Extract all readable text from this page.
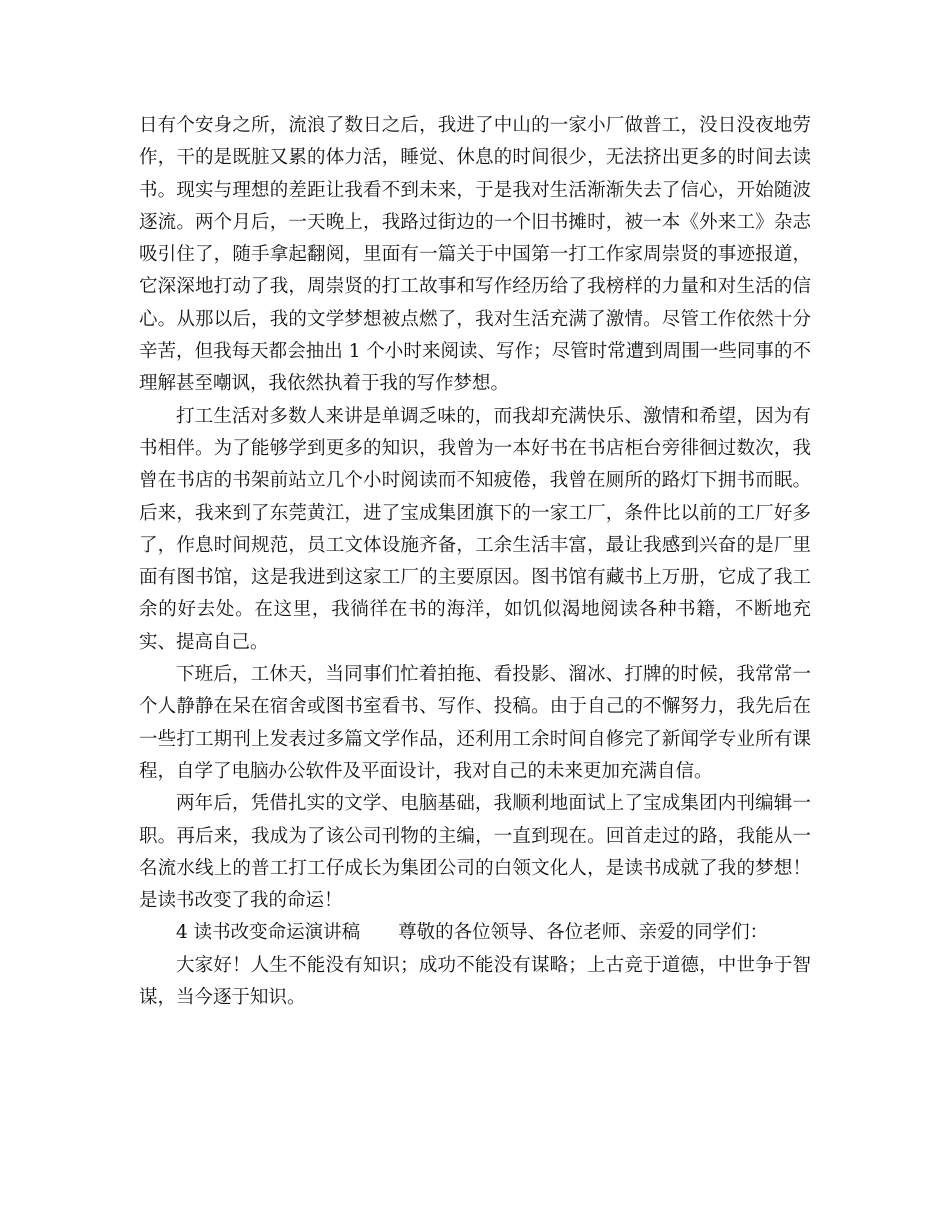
日有个安身之所，流浪了数日之后，我进了中山的一家小厂做普工，没日没夜地劳作，干的是既脏又累的体力活，睡觉、休息的时间很少，无法挤出更多的时间去读书。现实与理想的差距让我看不到未来，于是我对生活渐渐失去了信心，开始随波逐流。两个月后，一天晚上，我路过街边的一个旧书摊时，被一本《外来工》杂志吸引住了，随手拿起翻阅，里面有一篇关于中国第一打工作家周崇贤的事迹报道，它深深地打动了我，周崇贤的打工故事和写作经历给了我榜样的力量和对生活的信心。从那以后，我的文学梦想被点燃了，我对生活充满了激情。尽管工作依然十分辛苦，但我每天都会抽出 1 个小时来阅读、写作；尽管时常遭到周围一些同事的不理解甚至嘲讽，我依然执着于我的写作梦想。

打工生活对多数人来讲是单调乏味的，而我却充满快乐、激情和希望，因为有书相伴。为了能够学到更多的知识，我曾为一本好书在书店柜台旁徘徊过数次，我曾在书店的书架前站立几个小时阅读而不知疲倦，我曾在厕所的路灯下拥书而眠。后来，我来到了东莞黄江，进了宝成集团旗下的一家工厂，条件比以前的工厂好多了，作息时间规范，员工文体设施齐备，工余生活丰富，最让我感到兴奋的是厂里面有图书馆，这是我进到这家工厂的主要原因。图书馆有藏书上万册，它成了我工余的好去处。在这里，我徜徉在书的海洋，如饥似渴地阅读各种书籍，不断地充实、提高自己。

下班后，工休天，当同事们忙着拍拖、看投影、溜冰、打牌的时候，我常常一个人静静在呆在宿舍或图书室看书、写作、投稿。由于自己的不懈努力，我先后在一些打工期刊上发表过多篇文学作品，还利用工余时间自修完了新闻学专业所有课程，自学了电脑办公软件及平面设计，我对自己的未来更加充满自信。

两年后，凭借扎实的文学、电脑基础，我顺利地面试上了宝成集团内刊编辑一职。再后来，我成为了该公司刊物的主编，一直到现在。回首走过的路，我能从一名流水线上的普工打工仔成长为集团公司的白领文化人，是读书成就了我的梦想！是读书改变了我的命运！

4 读书改变命运演讲稿 尊敬的各位领导、各位老师、亲爱的同学们：

大家好！人生不能没有知识；成功不能没有谋略；上古竞于道德，中世争于智谋，当今逐于知识。
